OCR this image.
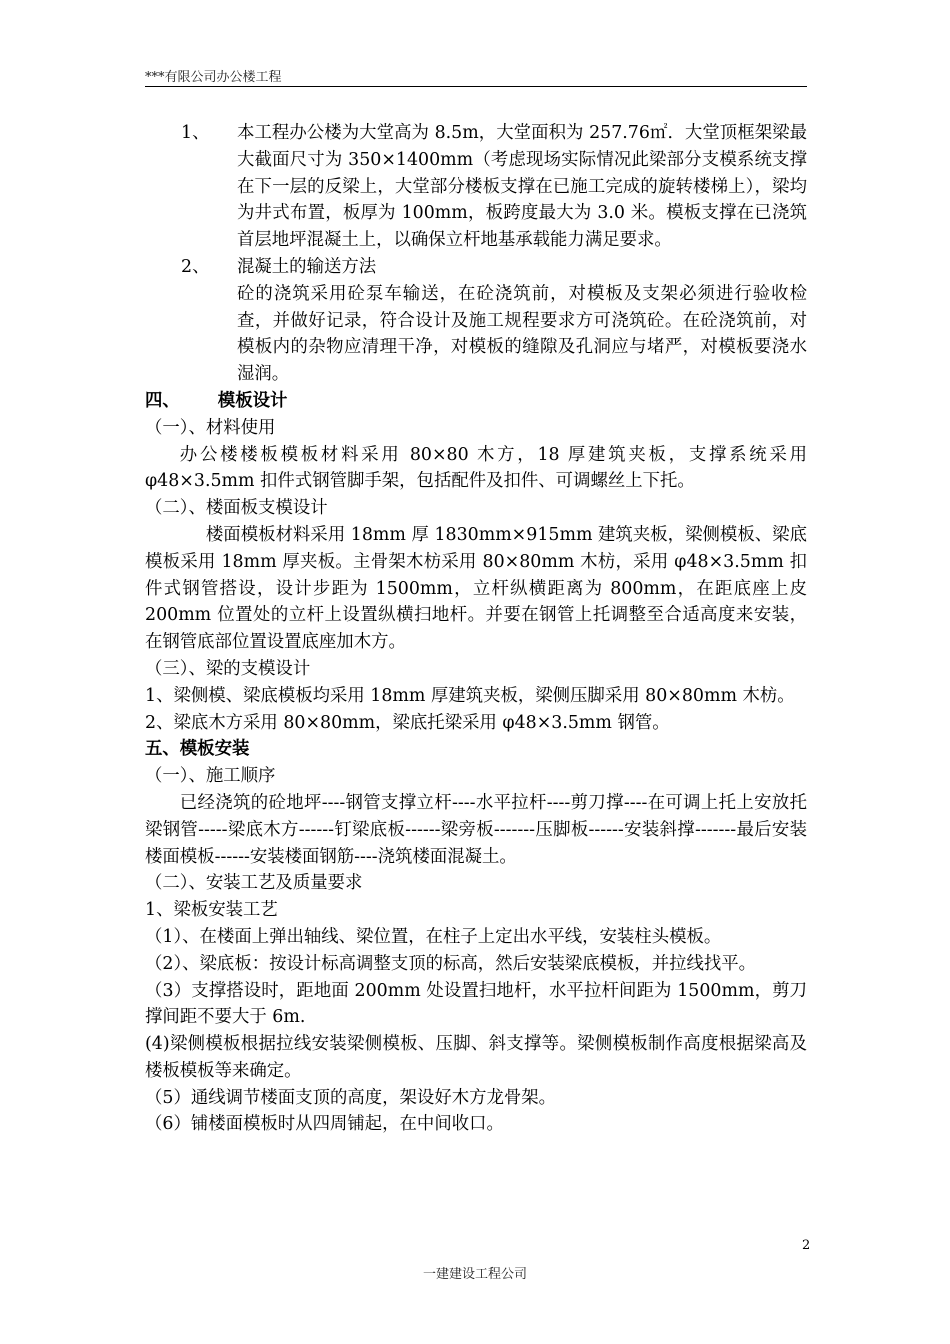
***有限公司办公楼工程
1、	本工程办公楼为大堂高为 8.5m，大堂面积为 257.76㎡．大堂顶框架梁最大截面尺寸为 350×1400mm（考虑现场实际情况此梁部分支模系统支撑在下一层的反梁上，大堂部分楼板支撑在已施工完成的旋转楼梯上），梁均为井式布置，板厚为 100mm，板跨度最大为 3.0 米。模板支撑在已浇筑首层地坪混凝土上，以确保立杆地基承载能力满足要求。
2、	混凝土的输送方法

砼的浇筑采用砼泵车输送，在砼浇筑前，对模板及支架必须进行验收检查，并做好记录，符合设计及施工规程要求方可浇筑砼。在砼浇筑前，对模板内的杂物应清理干净，对模板的缝隙及孔洞应与堵严，对模板要浇水湿润。

四、 模板设计

（一）、材料使用

办公楼楼板模板材料采用 80×80 木方，18 厚建筑夹板，支撑系统采用 φ48×3.5mm 扣件式钢管脚手架，包括配件及扣件、可调螺丝上下托。

（二）、楼面板支模设计

楼面模板材料采用 18mm 厚 1830mm×915mm 建筑夹板，梁侧模板、梁底模板采用 18mm 厚夹板。主骨架木枋采用 80×80mm 木枋，采用 φ48×3.5mm 扣件式钢管搭设，设计步距为 1500mm，立杆纵横距离为 800mm，在距底座上皮 200mm 位置处的立杆上设置纵横扫地杆。并要在钢管上托调整至合适高度来安装，在钢管底部位置设置底座加木方。

（三）、梁的支模设计

1、梁侧模、梁底模板均采用 18mm 厚建筑夹板，梁侧压脚采用 80×80mm 木枋。

2、梁底木方采用 80×80mm，梁底托梁采用 φ48×3.5mm 钢管。

五、模板安装

（一）、施工顺序

已经浇筑的砼地坪----钢管支撑立杆----水平拉杆----剪刀撑----在可调上托上安放托梁钢管-----梁底木方------钉梁底板------梁旁板-------压脚板------安装斜撑-------最后安装楼面模板------安装楼面钢筋----浇筑楼面混凝土。

（二）、安装工艺及质量要求

1、梁板安装工艺

（1）、在楼面上弹出轴线、梁位置，在柱子上定出水平线，安装柱头模板。

（2）、梁底板：按设计标高调整支顶的标高，然后安装梁底模板，并拉线找平。

（3）支撑搭设时，距地面 200mm 处设置扫地杆，水平拉杆间距为 1500mm，剪刀撑间距不要大于 6m.

(4)梁侧模板根据拉线安装梁侧模板、压脚、斜支撑等。梁侧模板制作高度根据梁高及楼板模板等来确定。

（5）通线调节楼面支顶的高度，架设好木方龙骨架。

（6）铺楼面模板时从四周铺起，在中间收口。

2
一建建设工程公司
